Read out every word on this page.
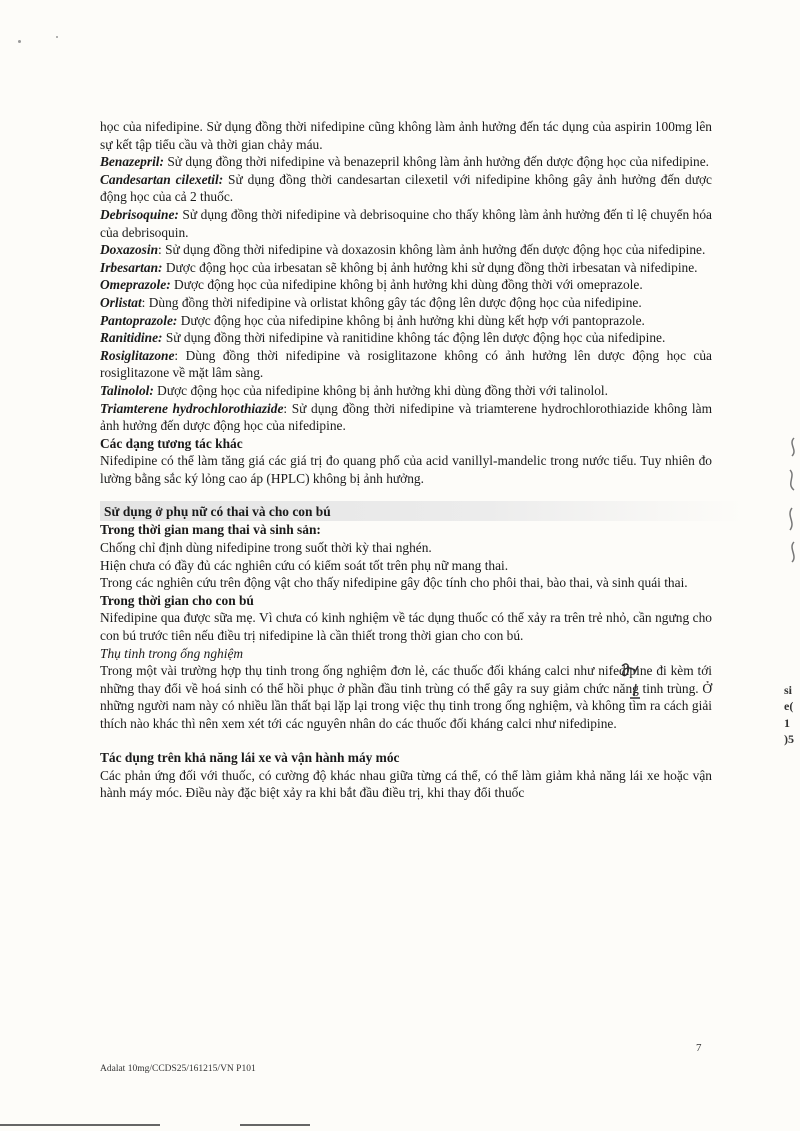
học của nifedipine. Sử dụng đồng thời nifedipine cũng không làm ảnh hưởng đến tác dụng của aspirin 100mg lên sự kết tập tiểu cầu và thời gian chảy máu.

Benazepril: Sử dụng đồng thời nifedipine và benazepril không làm ảnh hưởng đến dược động học của nifedipine.

Candesartan cilexetil: Sử dụng đồng thời candesartan cilexetil với nifedipine không gây ảnh hưởng đến dược động học của cả 2 thuốc.

Debrisoquine: Sử dụng đồng thời nifedipine và debrisoquine cho thấy không làm ảnh hưởng đến tỉ lệ chuyển hóa của debrisoquin.

Doxazosin: Sử dụng đồng thời nifedipine và doxazosin không làm ảnh hưởng đến dược động học của nifedipine.

Irbesartan: Dược động học của irbesatan sẽ không bị ảnh hưởng khi sử dụng đồng thời irbesatan và nifedipine.

Omeprazole: Dược động học của nifedipine không bị ảnh hưởng khi dùng đồng thời với omeprazole.

Orlistat: Dùng đồng thời nifedipine và orlistat không gây tác động lên dược động học của nifedipine.

Pantoprazole: Dược động học của nifedipine không bị ảnh hưởng khi dùng kết hợp với pantoprazole.

Ranitidine: Sử dụng đồng thời nifedipine và ranitidine không tác động lên dược động học của nifedipine.

Rosiglitazone: Dùng đồng thời nifedipine và rosiglitazone không có ảnh hưởng lên dược động học của rosiglitazone về mặt lâm sàng.

Talinolol: Dược động học của nifedipine không bị ảnh hưởng khi dùng đồng thời với talinolol.

Triamterene hydrochlorothiazide: Sử dụng đồng thời nifedipine và triamterene hydrochlorothiazide không làm ảnh hưởng đến dược động học của nifedipine.

Các dạng tương tác khác

Nifedipine có thể làm tăng giá các giá trị đo quang phổ của acid vanillyl-mandelic trong nước tiểu. Tuy nhiên đo lường bằng sắc ký lỏng cao áp (HPLC) không bị ảnh hưởng.

Sử dụng ở phụ nữ có thai và cho con bú

Trong thời gian mang thai và sinh sản:

Chống chỉ định dùng nifedipine trong suốt thời kỳ thai nghén.

Hiện chưa có đầy đủ các nghiên cứu có kiểm soát tốt trên phụ nữ mang thai.

Trong các nghiên cứu trên động vật cho thấy nifedipine gây độc tính cho phôi thai, bào thai, và sinh quái thai.

Trong thời gian cho con bú

Nifedipine qua được sữa mẹ. Vì chưa có kinh nghiệm về tác dụng thuốc có thể xảy ra trên trẻ nhỏ, cần ngưng cho con bú trước tiên nếu điều trị nifedipine là cần thiết trong thời gian cho con bú.

Thụ tinh trong ống nghiệm

Trong một vài trường hợp thụ tinh trong ống nghiệm đơn lẻ, các thuốc đối kháng calci như nifedipine đi kèm tới những thay đổi về hoá sinh có thể hồi phục ở phần đầu tinh trùng có thể gây ra suy giảm chức năng tinh trùng. Ở những người nam này có nhiều lần thất bại lặp lại trong việc thụ tinh trong ống nghiệm, và không tìm ra cách giải thích nào khác thì nên xem xét tới các nguyên nhân do các thuốc đối kháng calci như nifedipine.

Tác dụng trên khả năng lái xe và vận hành máy móc

Các phản ứng đối với thuốc, có cường độ khác nhau giữa từng cá thể, có thể làm giảm khả năng lái xe hoặc vận hành máy móc. Điều này đặc biệt xảy ra khi bắt đầu điều trị, khi thay đổi thuốc

si
e(
1
)5
7
Adalat 10mg/CCDS25/161215/VN P101
